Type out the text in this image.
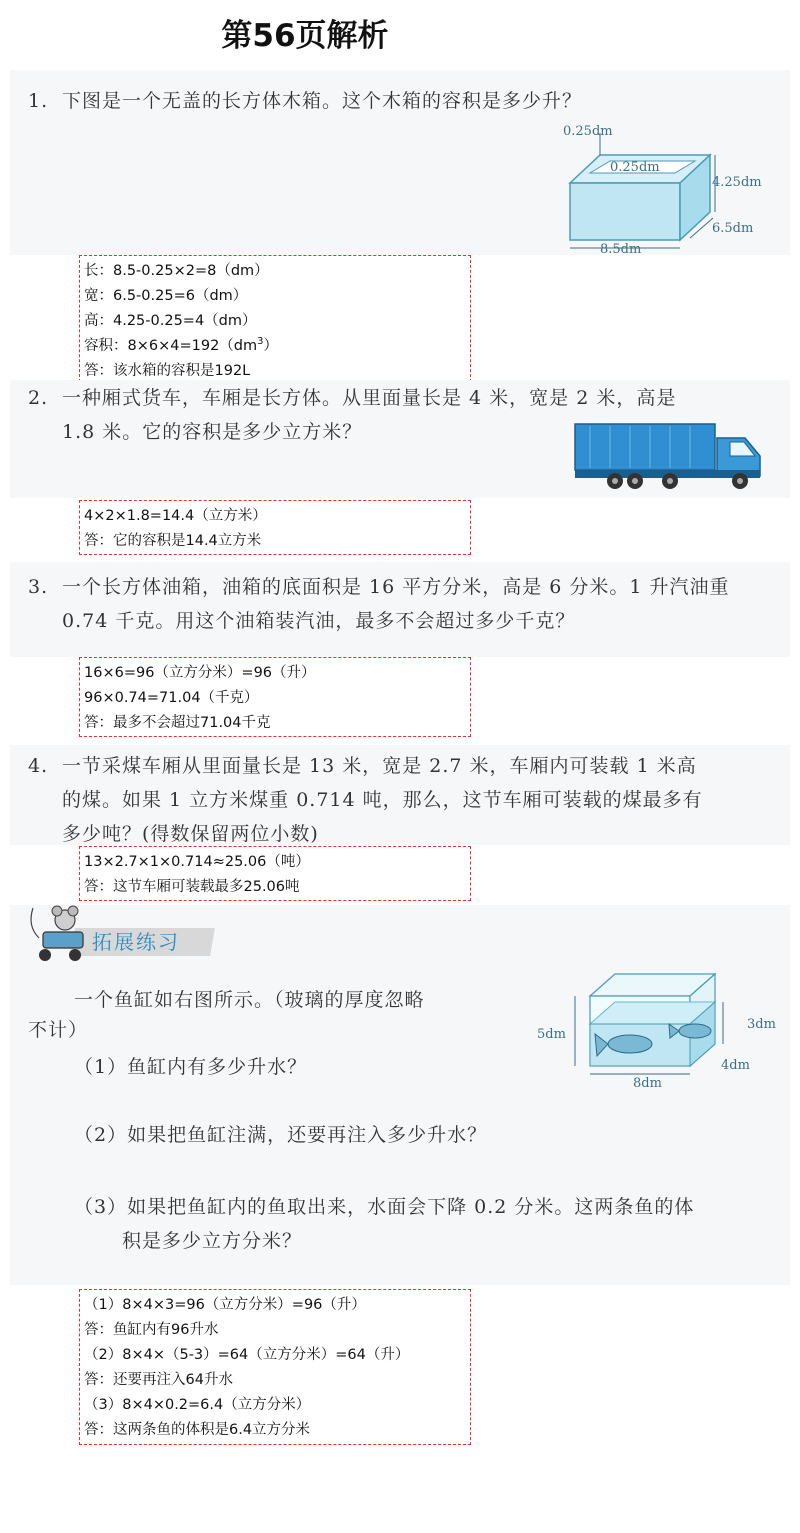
第56页解析
1. 下图是一个无盖的长方体木箱。这个木箱的容积是多少升？
0.25dm
0.25dm
4.25dm
6.5dm
8.5dm
长：8.5-0.25×2=8（dm）
宽：6.5-0.25=6（dm）
高：4.25-0.25=4（dm）
容积：$8\times 6\times 4=192(dm^3)$
答：该水箱的容积是192L
2. 一种厢式货车，车厢是长方体。从里面量长是 4 米，宽是 2 米，高是
1.8 米。它的容积是多少立方米？
4×2×1.8=14.4（立方米）
答：它的容积是14.4立方米
3. 一个长方体油箱，油箱的底面积是 16 平方分米，高是 6 分米。1 升汽油重
0.74 千克。用这个油箱装汽油，最多不会超过多少千克？
16×6=96（立方分米）=96（升）
96×0.74=71.04（千克）
答：最多不会超过71.04千克
4. 一节采煤车厢从里面量长是 13 米，宽是 2.7 米，车厢内可装载 1 米高
的煤。如果 1 立方米煤重 0.714 吨，那么，这节车厢可装载的煤最多有
多少吨？(得数保留两位小数)
13×2.7×1×0.714≈25.06（吨）
答：这节车厢可装载最多25.06吨
拓展练习
一个鱼缸如右图所示。（玻璃的厚度忽略
不计）
（1）鱼缸内有多少升水？
（2）如果把鱼缸注满，还要再注入多少升水？
（3）如果把鱼缸内的鱼取出来，水面会下降 0.2 分米。这两条鱼的体
积是多少立方分米？
5dm
3dm
4dm
8dm
（1）8×4×3=96（立方分米）=96（升）
答：鱼缸内有96升水
（2）8×4×（5-3）=64（立方分米）=64（升）
答：还要再注入64升水
（3）8×4×0.2=6.4（立方分米）
答：这两条鱼的体积是6.4立方分米
